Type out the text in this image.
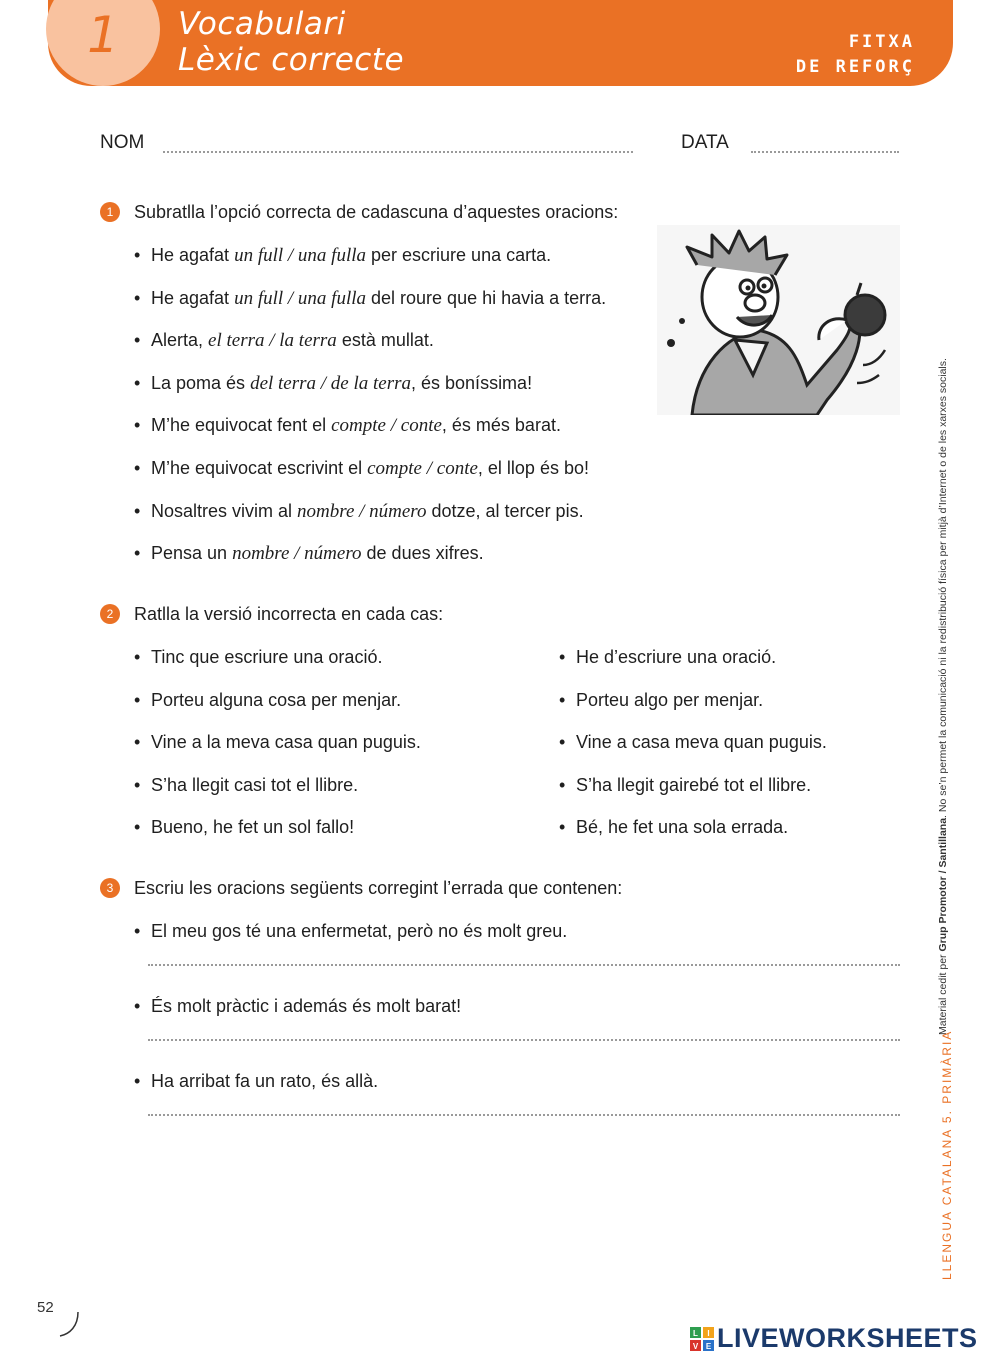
1	Vocabulari
Lèxic correcte	FITXA
DE REFORÇ
NOM	DATA
1	Subratlla l’opció correcta de cadascuna d’aquestes oracions:
2	Ratlla la versió incorrecta en cada cas:
3	Escriu les oracions següents corregint l’errada que contenen:
Material cedit per Grup Promotor / Santillana. No se’n permet la comunicació ni la redistribució física per mitjà d’Internet o de les xarxes socials.
LLENGUA CATALANA 5. PRIMÀRIA
52
L I
V E LIVEWORKSHEETS
• He agafat un full / una fulla per escriure una carta.
• He agafat un full / una fulla del roure que hi havia a terra.
• Alerta, el terra / la terra està mullat.
• La poma és del terra / de la terra, és boníssima!
• M’he equivocat fent el compte / conte, és més barat.
• M’he equivocat escrivint el compte / conte, el llop és bo!
• Nosaltres vivim al nombre / número dotze, al tercer pis.
• Pensa un nombre / número de dues xifres.
• Tinc que escriure una oració.
• Porteu alguna cosa per menjar.
• Vine a la meva casa quan puguis.
• S’ha llegit casi tot el llibre.
• Bueno, he fet un sol fallo!
• He d’escriure una oració.
• Porteu algo per menjar.
• Vine a casa meva quan puguis.
• S’ha llegit gairebé tot el llibre.
• Bé, he fet una sola errada.
• El meu gos té una enfermetat, però no és molt greu.
• És molt pràctic i además és molt barat!
• Ha arribat fa un rato, és allà.
